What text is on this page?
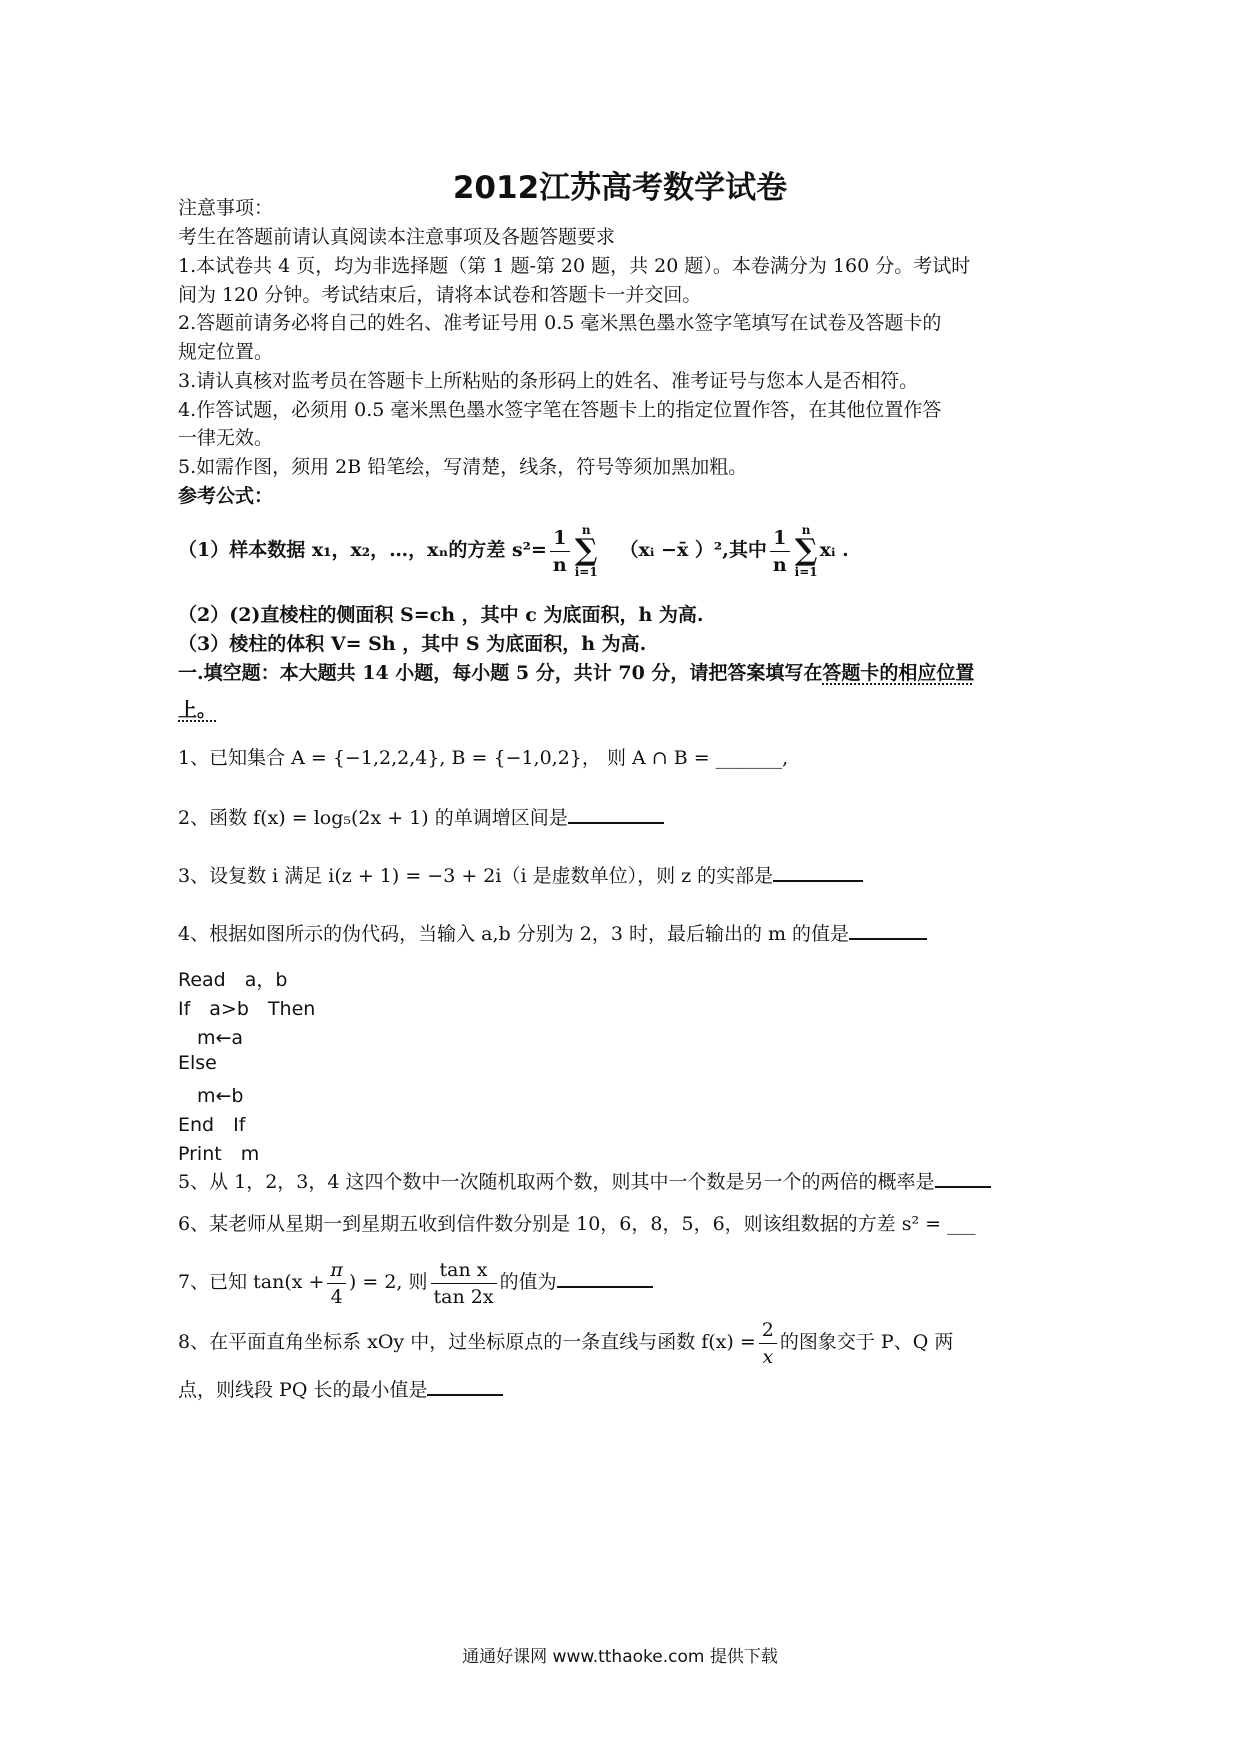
2012江苏高考数学试卷
注意事项：
考生在答题前请认真阅读本注意事项及各题答题要求
1.本试卷共 4 页，均为非选择题（第 1 题-第 20 题，共 20 题）。本卷满分为 160 分。考试时
间为 120 分钟。考试结束后，请将本试卷和答题卡一并交回。
2.答题前请务必将自己的姓名、准考证号用 0.5 毫米黑色墨水签字笔填写在试卷及答题卡的
规定位置。
3.请认真核对监考员在答题卡上所粘贴的条形码上的姓名、准考证号与您本人是否相符。
4.作答试题，必须用 0.5 毫米黑色墨水签字笔在答题卡上的指定位置作答，在其他位置作答
一律无效。
5.如需作图，须用 2B 铅笔绘，写清楚，线条，符号等须加黑加粗。
参考公式：
（1）样本数据 x₁，x₂，…，xₙ的方差 $s^2= \frac{1}{n}$ n
∑
i=1   （xᵢ −x̄ ）²,其中 $\frac{1}{n}$ n
∑
i=1xᵢ .
（2）(2)直棱柱的侧面积 S=ch ，其中 c 为底面积，h 为高.
（3）棱柱的体积 V= Sh ，其中 S 为底面积，h 为高.
一.填空题：本大题共 14 小题，每小题 5 分，共计 70 分，请把答案填写在答题卡的相应位置
上。
1、已知集合 A = {−1,2,2,4}, B = {−1,0,2}， 则 A ∩ B = _______,
2、函数 f(x) = log₅(2x + 1) 的单调增区间是
3、设复数 i 满足 i(z + 1) = −3 + 2i（i 是虚数单位），则 z 的实部是
4、根据如图所示的伪代码，当输入 a,b 分别为 2，3 时，最后输出的 m 的值是
Read　a，b
If　a>b　Then
　m←a
Else
　m←b
End　If
Print　m
5、从 1，2，3，4 这四个数中一次随机取两个数，则其中一个数是另一个的两倍的概率是
6、某老师从星期一到星期五收到信件数分别是 10，6，8，5，6，则该组数据的方差 s² = ___
7、已知 $\tan(x + \frac{\pi}{4}$ ) = 2, 则 $\frac{\text{tan x}}{\tan 2x}$ 的值为
8、在平面直角坐标系 xOy 中，过坐标原点的一条直线与函数 $f(x) = \frac{2}{x}$ 的图象交于 P、Q 两
点，则线段 PQ 长的最小值是
通通好课网 www.tthaoke.com 提供下载
